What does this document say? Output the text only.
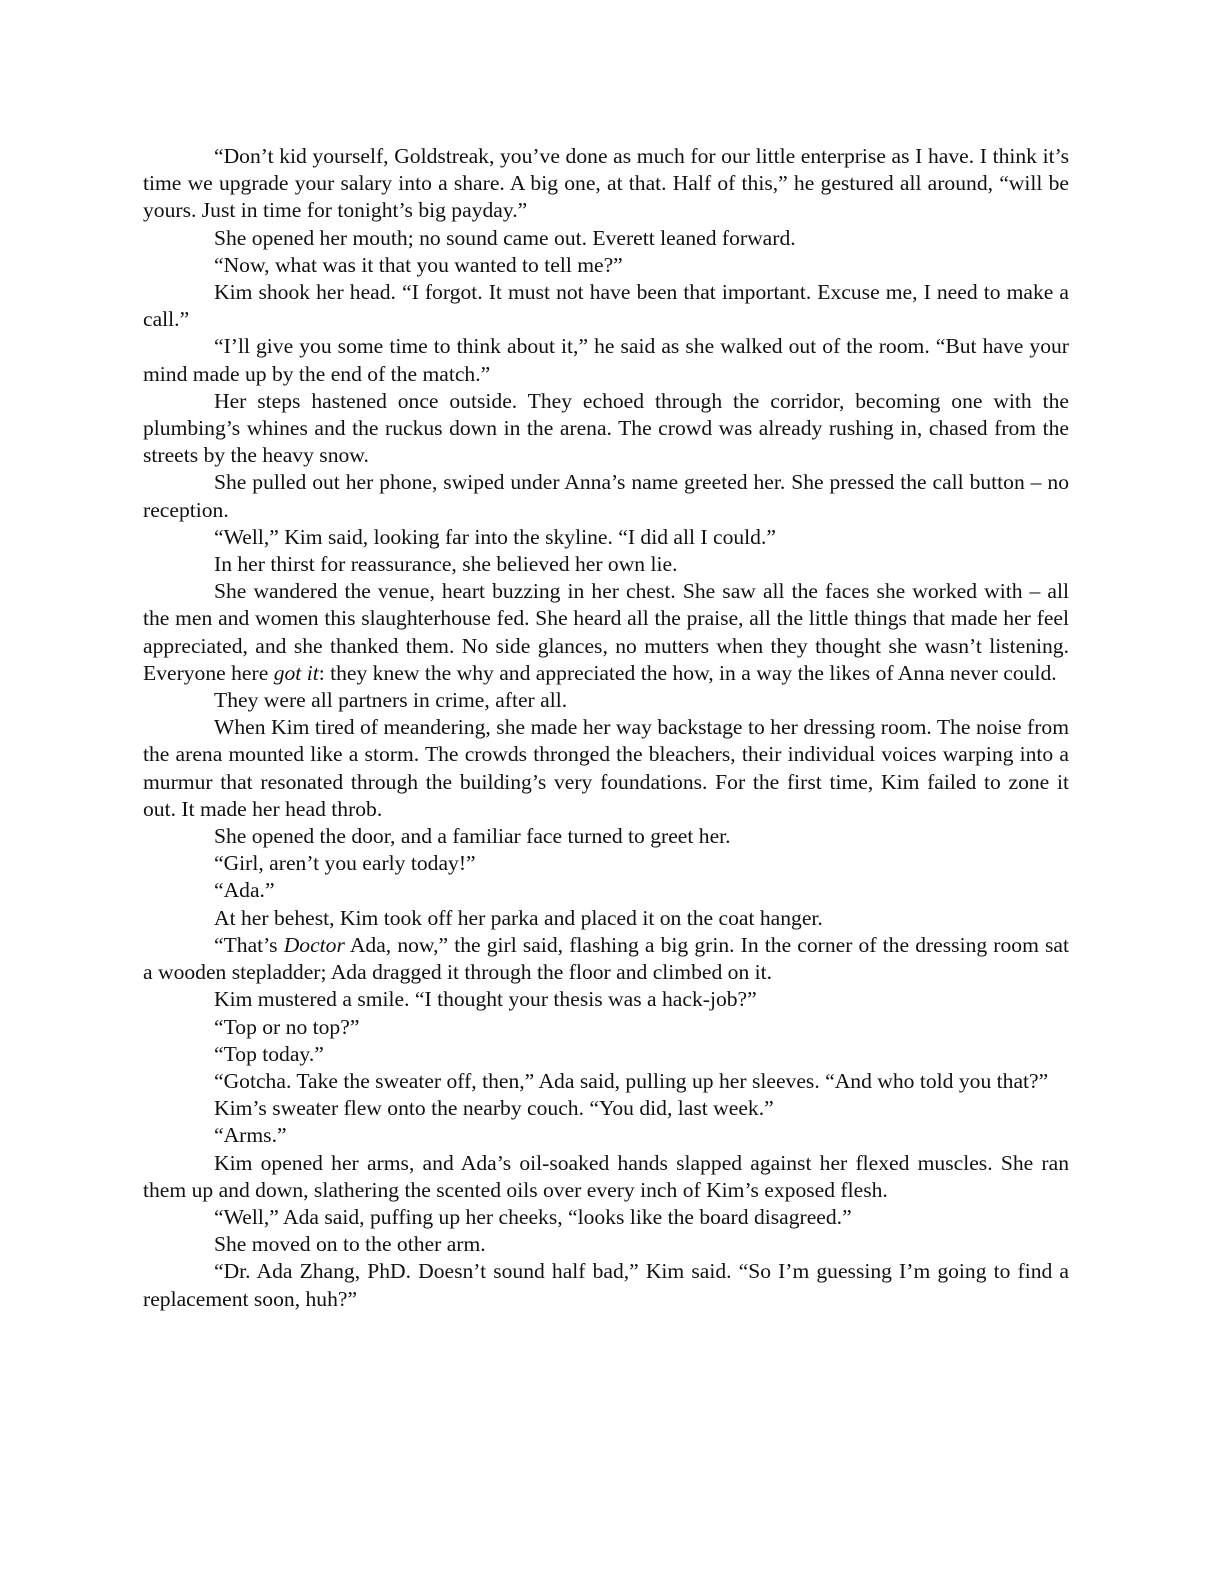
“Don’t kid yourself, Goldstreak, you’ve done as much for our little enterprise as I have. I think it’s time we upgrade your salary into a share. A big one, at that. Half of this,” he gestured all around, “will be yours. Just in time for tonight’s big payday.”

She opened her mouth; no sound came out. Everett leaned forward.

“Now, what was it that you wanted to tell me?”

Kim shook her head. “I forgot. It must not have been that important. Excuse me, I need to make a call.”

“I’ll give you some time to think about it,” he said as she walked out of the room. “But have your mind made up by the end of the match.”

Her steps hastened once outside. They echoed through the corridor, becoming one with the plumbing’s whines and the ruckus down in the arena. The crowd was already rushing in, chased from the streets by the heavy snow.

She pulled out her phone, swiped under Anna’s name greeted her. She pressed the call button – no reception.

“Well,” Kim said, looking far into the skyline. “I did all I could.”

In her thirst for reassurance, she believed her own lie.

She wandered the venue, heart buzzing in her chest. She saw all the faces she worked with – all the men and women this slaughterhouse fed. She heard all the praise, all the little things that made her feel appreciated, and she thanked them. No side glances, no mutters when they thought she wasn’t listening. Everyone here got it: they knew the why and appreciated the how, in a way the likes of Anna never could.

They were all partners in crime, after all.

When Kim tired of meandering, she made her way backstage to her dressing room. The noise from the arena mounted like a storm. The crowds thronged the bleachers, their individual voices warping into a murmur that resonated through the building’s very foundations. For the first time, Kim failed to zone it out. It made her head throb.

She opened the door, and a familiar face turned to greet her.

“Girl, aren’t you early today!”

“Ada.”

At her behest, Kim took off her parka and placed it on the coat hanger.

“That’s Doctor Ada, now,” the girl said, flashing a big grin. In the corner of the dressing room sat a wooden stepladder; Ada dragged it through the floor and climbed on it.

Kim mustered a smile. “I thought your thesis was a hack-job?”

“Top or no top?”

“Top today.”

“Gotcha. Take the sweater off, then,” Ada said, pulling up her sleeves. “And who told you that?”

Kim’s sweater flew onto the nearby couch. “You did, last week.”

“Arms.”

Kim opened her arms, and Ada’s oil-soaked hands slapped against her flexed muscles. She ran them up and down, slathering the scented oils over every inch of Kim’s exposed flesh.

“Well,” Ada said, puffing up her cheeks, “looks like the board disagreed.”

She moved on to the other arm.

“Dr. Ada Zhang, PhD. Doesn’t sound half bad,” Kim said. “So I’m guessing I’m going to find a replacement soon, huh?”
